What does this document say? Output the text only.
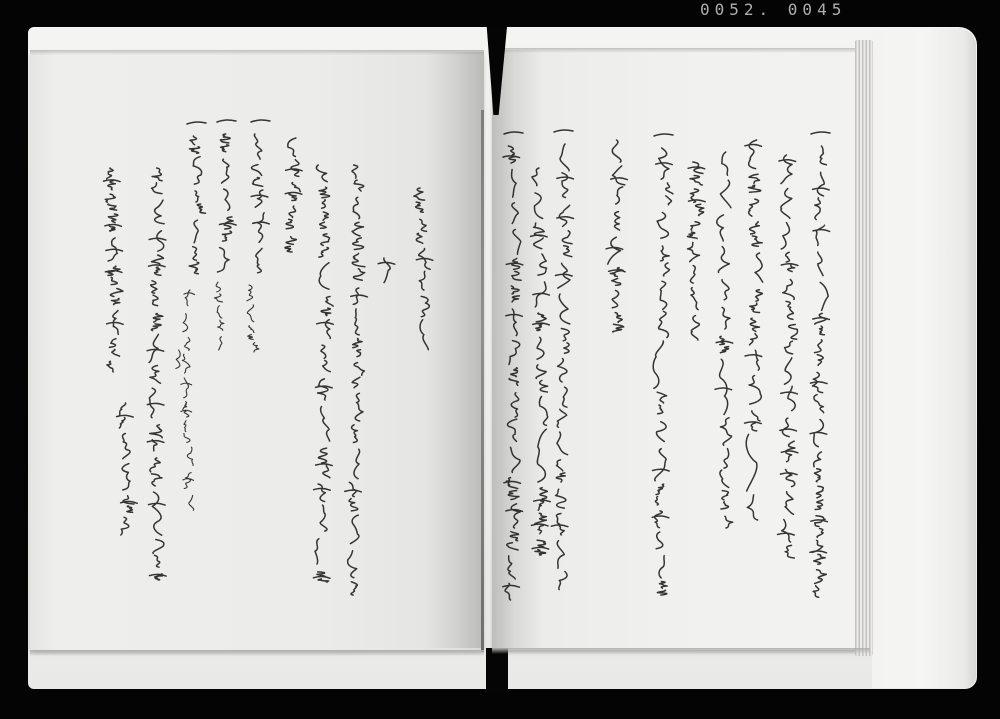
0052. 0045
